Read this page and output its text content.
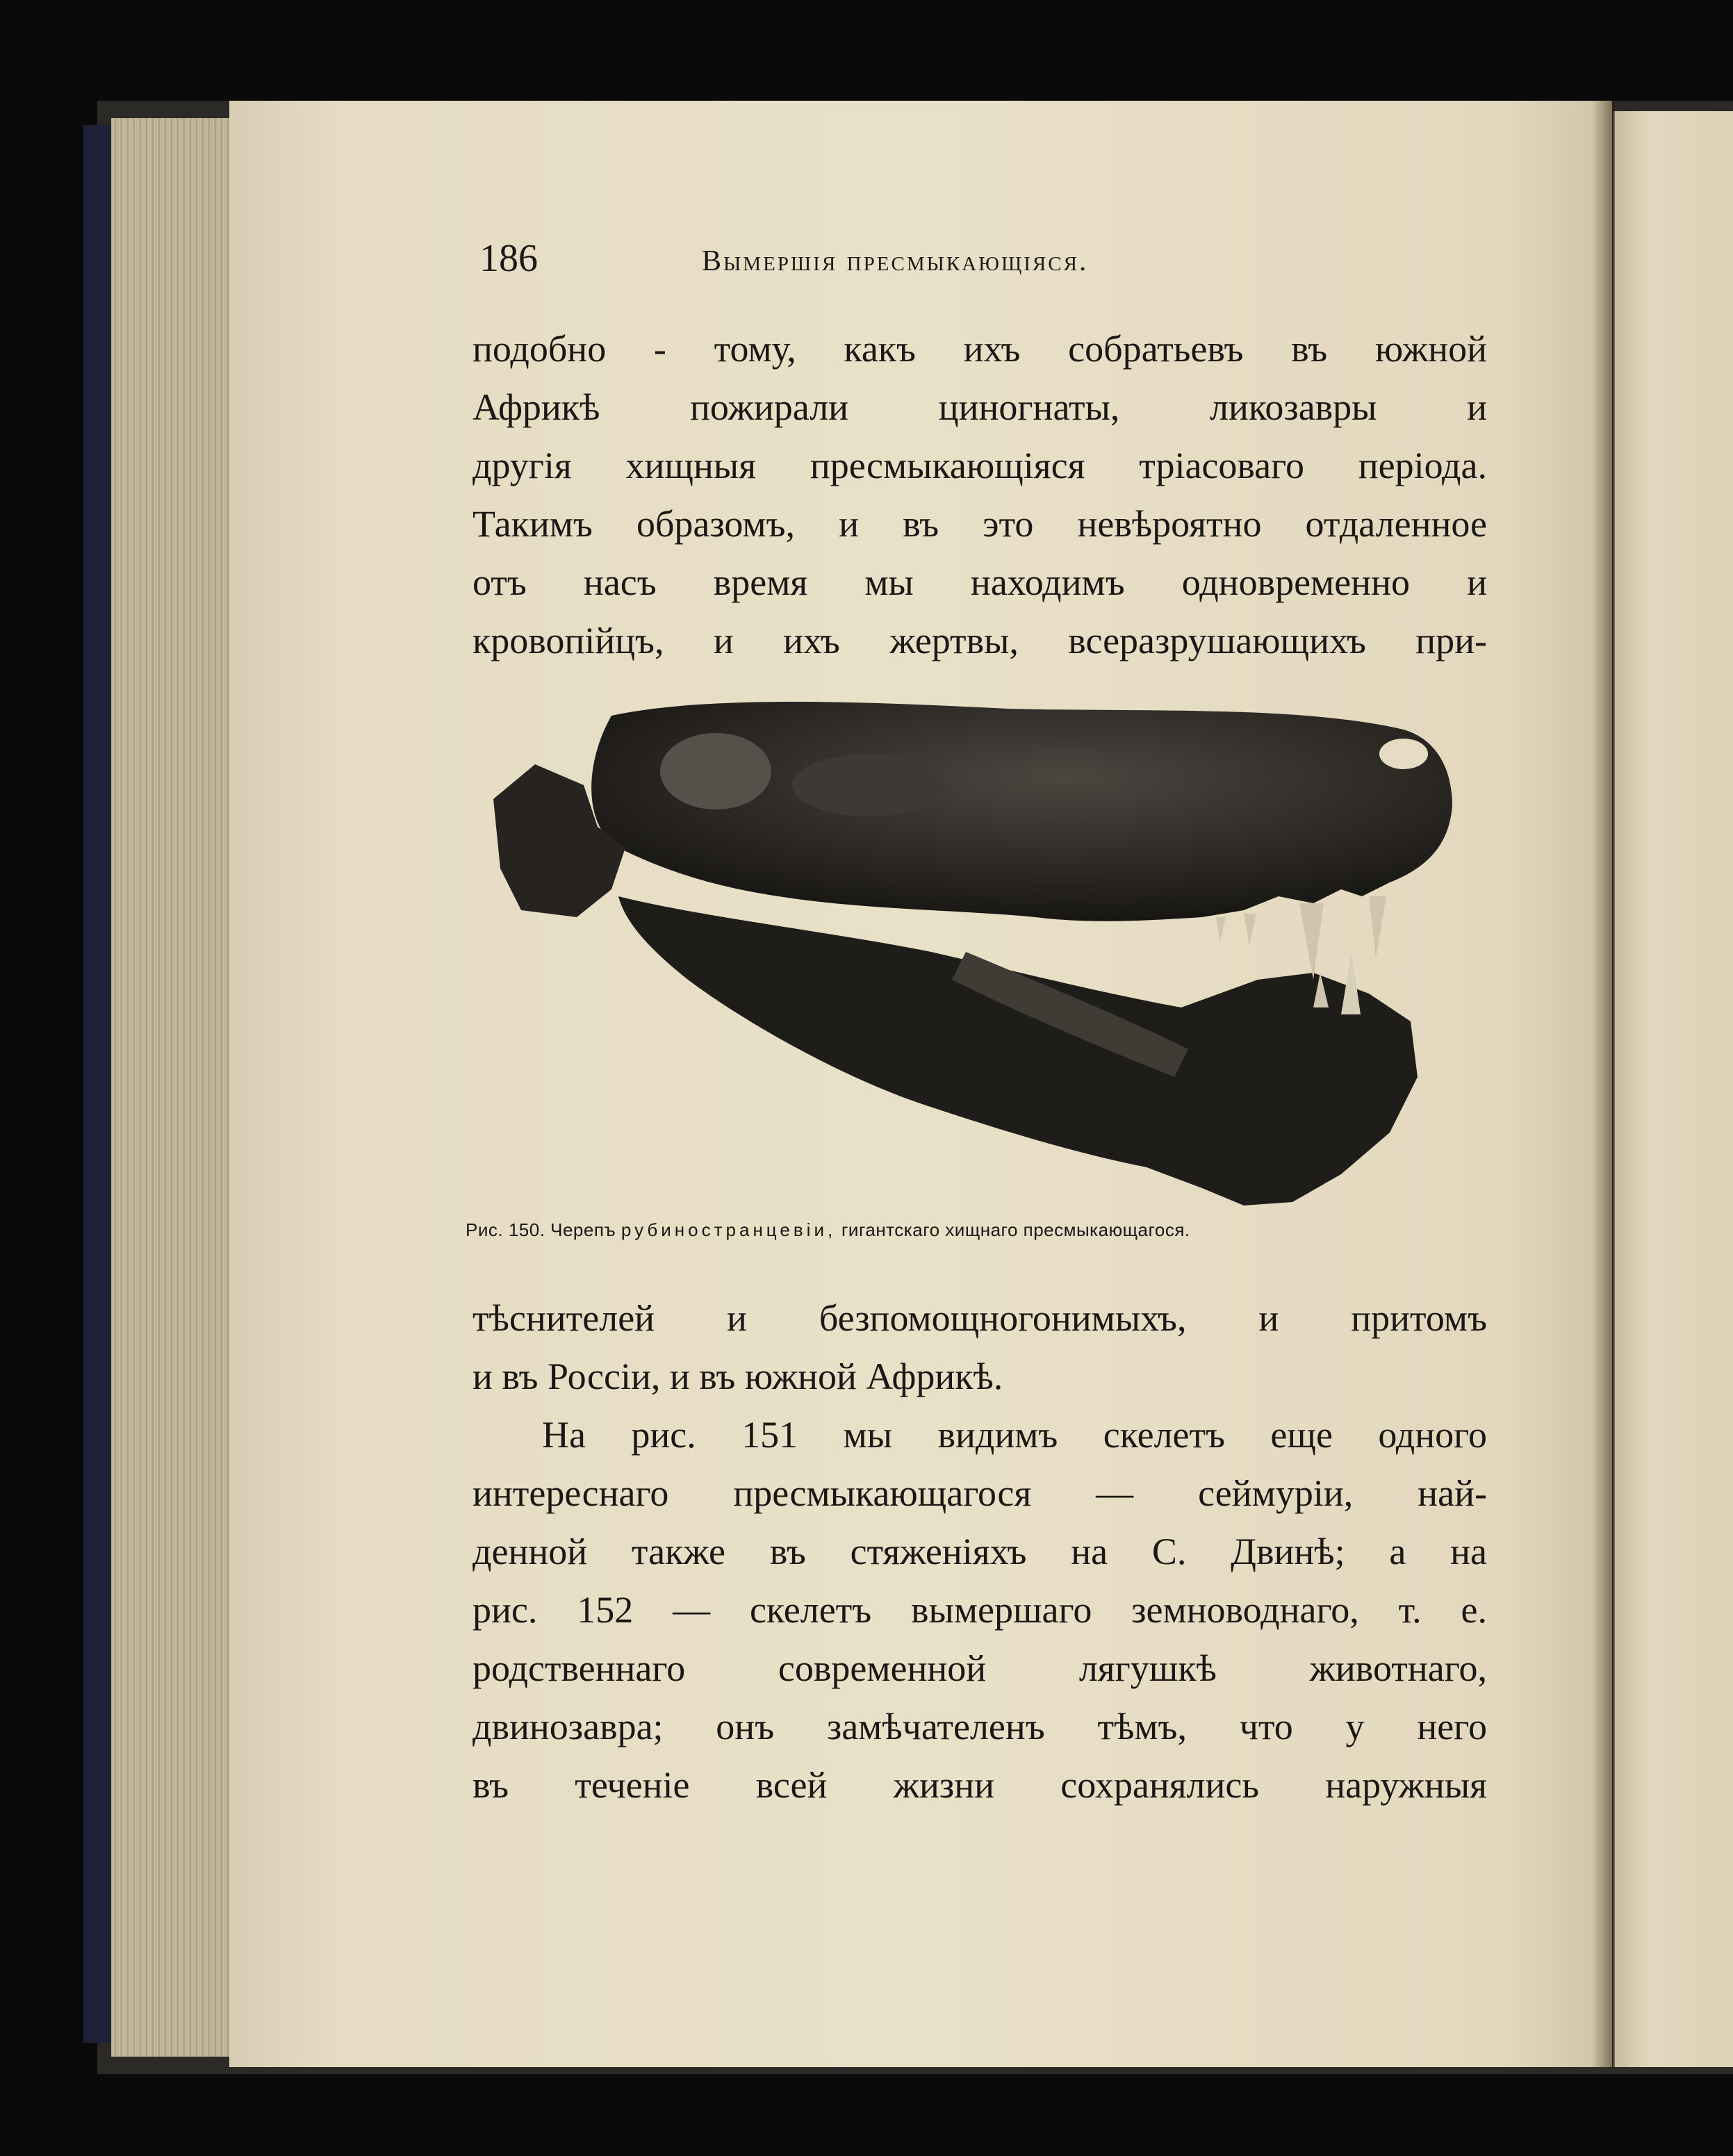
186	Вымершія пресмыкающіяся.
подобно - тому, какъ ихъ собратьевъ въ южной
Африкѣ пожирали циногнаты, ликозавры и
другія хищныя пресмыкающіяся тріасоваго періода.
Такимъ образомъ, и въ это невѣроятно отдаленное
отъ насъ время мы находимъ одновременно и
кровопійцъ, и ихъ жертвы, всеразрушающихъ при-
Рис. 150. Черепъ рубиностранцевіи, гигантскаго хищнаго пресмыкающагося.
тѣснителей и безпомощногонимыхъ, и притомъ
и въ Россіи, и въ южной Африкѣ.
На рис. 151 мы видимъ скелетъ еще одного
интереснаго пресмыкающагося — сеймуріи, най-
денной также въ стяженіяхъ на С. Двинѣ; а на
рис. 152 — скелетъ вымершаго земноводнаго, т. е.
родственнаго современной лягушкѣ животнаго,
двинозавра; онъ замѣчателенъ тѣмъ, что у него
въ теченіе всей жизни сохранялись наружныя
